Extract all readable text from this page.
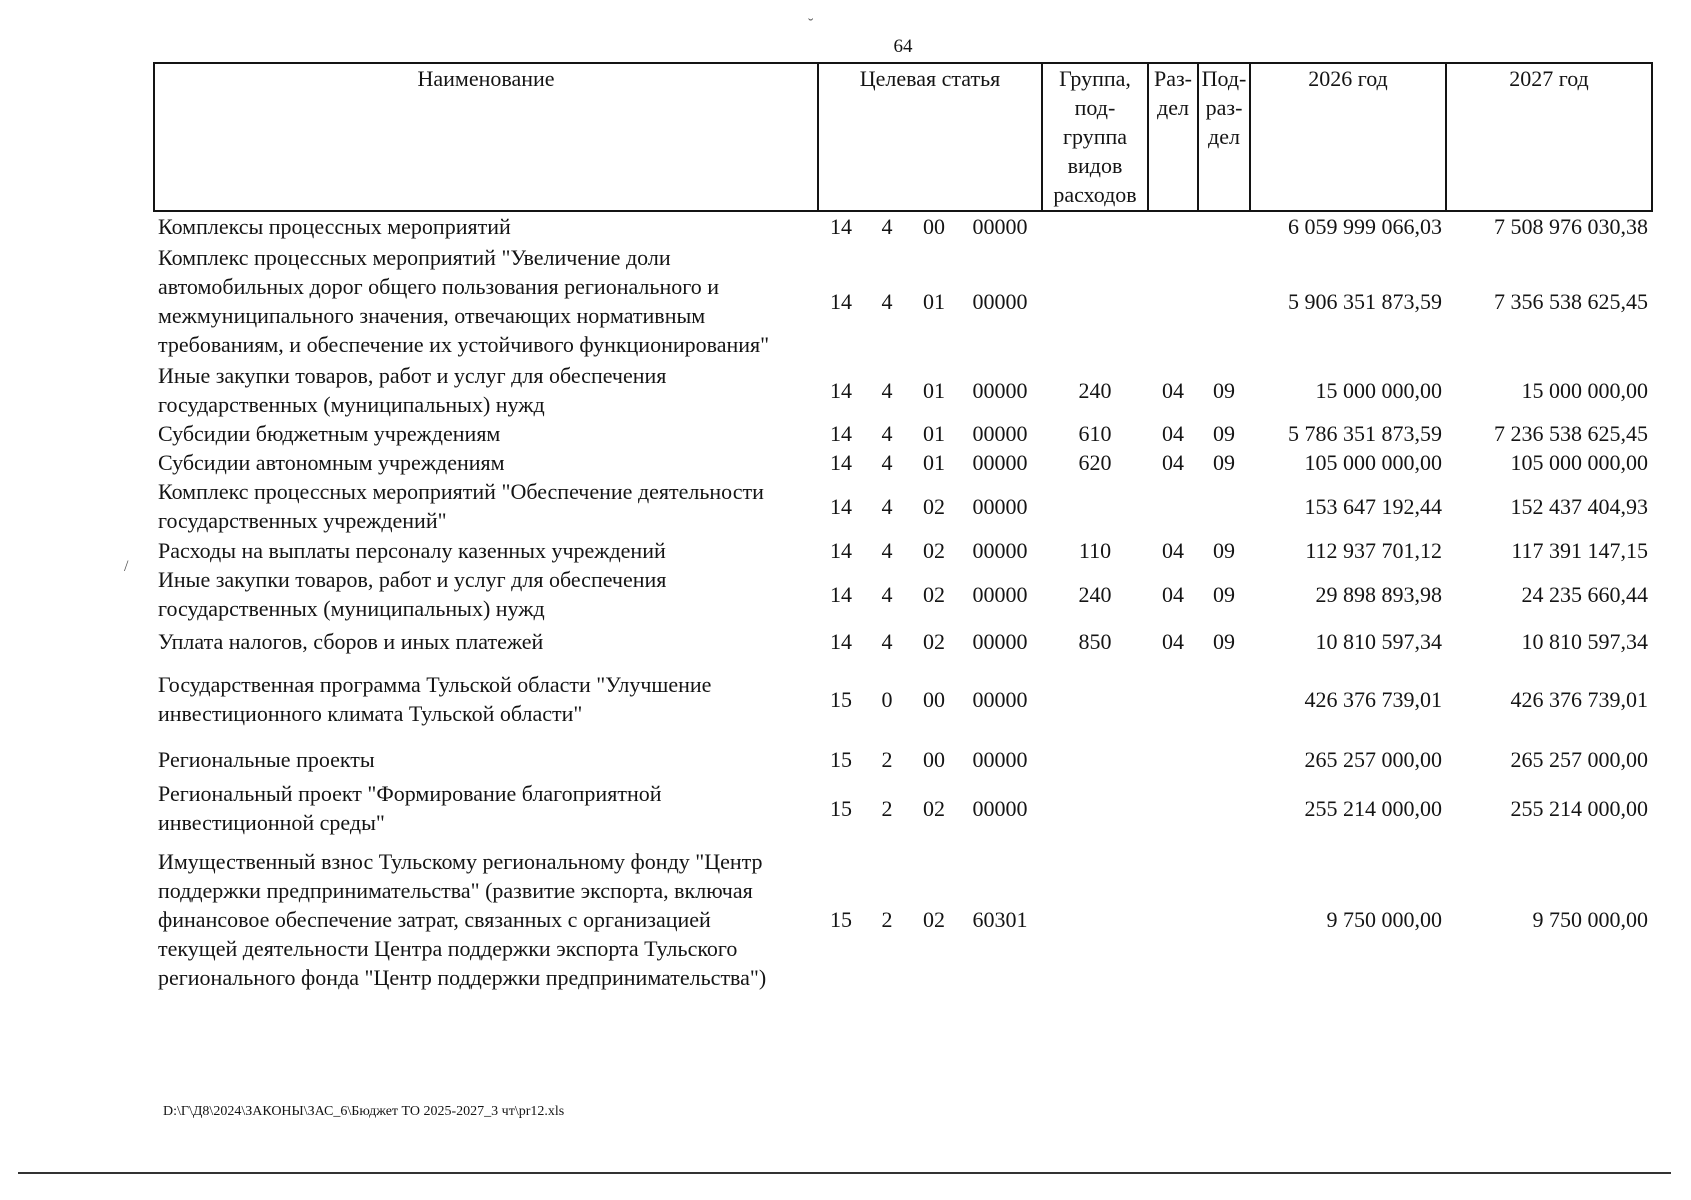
64
Наименование	Целевая статья				Группа, под-группа видов расходов	Раз-дел	Под-раз-дел	2026 год	2027 год
Комплексы процессных мероприятий	14	4	00	00000				6 059 999 066,03	7 508 976 030,38
Комплекс процессных мероприятий "Увеличение доли
автомобильных дорог общего пользования регионального и
межмуниципального значения, отвечающих нормативным
требованиям, и обеспечение их устойчивого функционирования"	14	4	01	00000				5 906 351 873,59	7 356 538 625,45
Иные закупки товаров, работ и услуг для обеспечения
государственных (муниципальных) нужд	14	4	01	00000	240	04	09	15 000 000,00	15 000 000,00
Субсидии бюджетным учреждениям	14	4	01	00000	610	04	09	5 786 351 873,59	7 236 538 625,45
Субсидии автономным учреждениям	14	4	01	00000	620	04	09	105 000 000,00	105 000 000,00
Комплекс процессных мероприятий "Обеспечение деятельности
государственных учреждений"	14	4	02	00000				153 647 192,44	152 437 404,93
Расходы на выплаты персоналу казенных учреждений	14	4	02	00000	110	04	09	112 937 701,12	117 391 147,15
Иные закупки товаров, работ и услуг для обеспечения
государственных (муниципальных) нужд	14	4	02	00000	240	04	09	29 898 893,98	24 235 660,44
Уплата налогов, сборов и иных платежей	14	4	02	00000	850	04	09	10 810 597,34	10 810 597,34
Государственная программа Тульской области "Улучшение
инвестиционного климата Тульской области"	15	0	00	00000				426 376 739,01	426 376 739,01
Региональные проекты	15	2	00	00000				265 257 000,00	265 257 000,00
Региональный проект "Формирование благоприятной
инвестиционной среды"	15	2	02	00000				255 214 000,00	255 214 000,00
Имущественный взнос Тульскому региональному фонду "Центр
поддержки предпринимательства" (развитие экспорта, включая
финансовое обеспечение затрат, связанных с организацией
текущей деятельности Центра поддержки экспорта Тульского
регионального фонда "Центр поддержки предпринимательства")	15	2	02	60301				9 750 000,00	9 750 000,00
˘
/
D:\Г\Д8\2024\ЗАКОНЫ\ЗАС_6\Бюджет ТО 2025-2027_3 чт\pr12.xls
